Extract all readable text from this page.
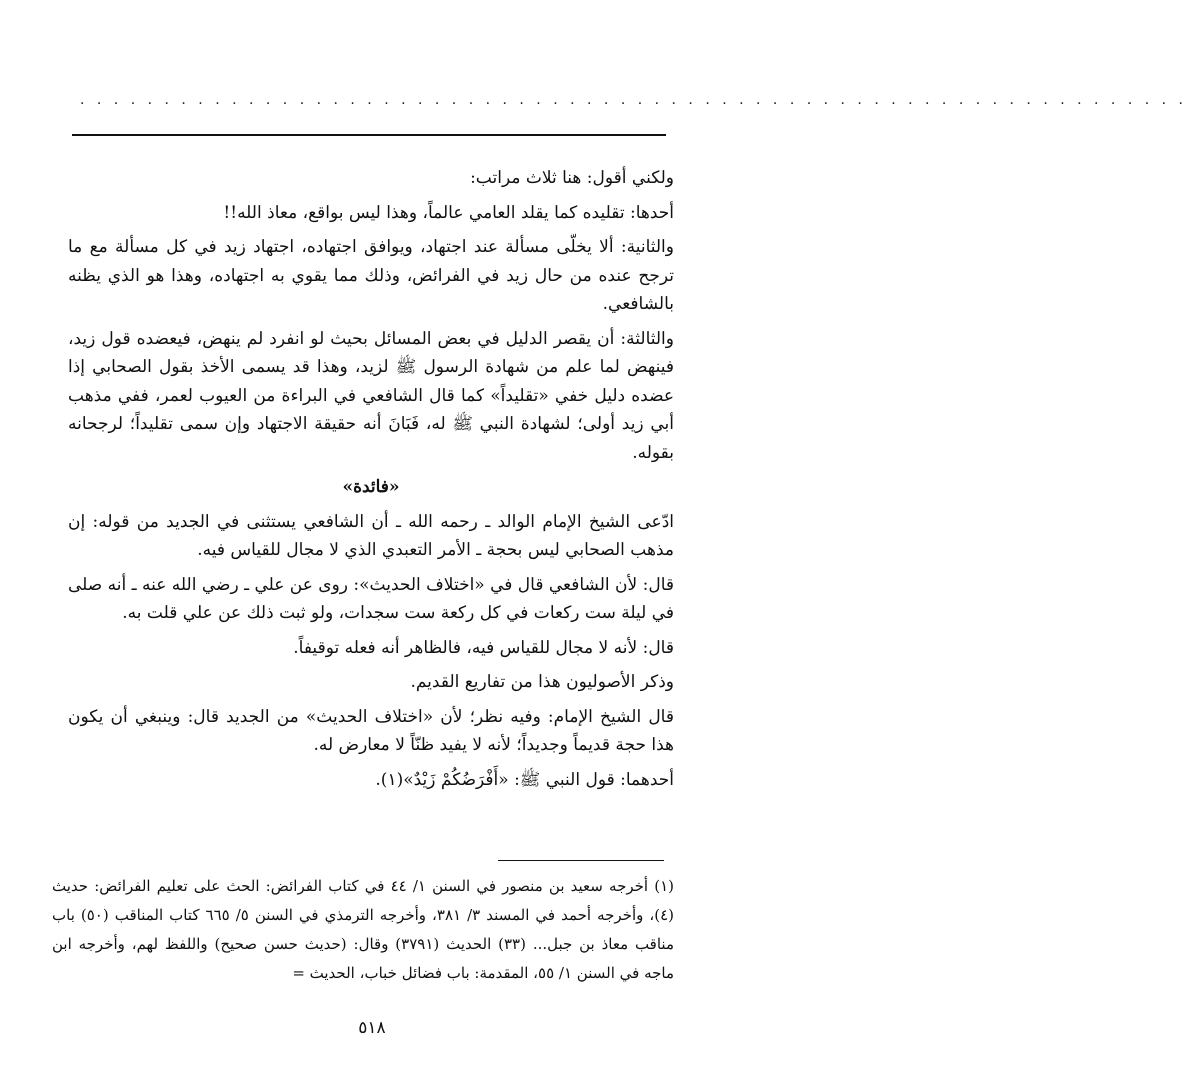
· · · · · · · · · · · · · · · · · · · · · · · · · · · · · · · · · · · · · · · · · · · · · · · · · · · · · · · · · · · · · · · · · ·

ولكني أقول: هنا ثلاث مراتب:

أحدها: تقليده كما يقلد العامي عالماً، وهذا ليس بواقع، معاذ الله!!

والثانية: ألا يخلّى مسألة عند اجتهاد، ويوافق اجتهاده، اجتهاد زيد في كل مسألة مع ما ترجح عنده من حال زيد في الفرائض، وذلك مما يقوي به اجتهاده، وهذا هو الذي يظنه بالشافعي.

والثالثة: أن يقصر الدليل في بعض المسائل بحيث لو انفرد لم ينهض، فيعضده قول زيد، فينهض لما علم من شهادة الرسول ﷺ لزيد، وهذا قد يسمى الأخذ بقول الصحابي إذا عضده دليل خفي «تقليداً» كما قال الشافعي في البراءة من العيوب لعمر، ففي مذهب أبي زيد أولى؛ لشهادة النبي ﷺ له، فَبَانَ أنه حقيقة الاجتهاد وإن سمى تقليداً؛ لرجحانه بقوله.

«فائدة»

ادّعى الشيخ الإمام الوالد ـ رحمه الله ـ أن الشافعي يستثنى في الجديد من قوله: إن مذهب الصحابي ليس بحجة ـ الأمر التعبدي الذي لا مجال للقياس فيه.

قال: لأن الشافعي قال في «اختلاف الحديث»: روى عن علي ـ رضي الله عنه ـ أنه صلى في ليلة ست ركعات في كل ركعة ست سجدات، ولو ثبت ذلك عن علي قلت به.

قال: لأنه لا مجال للقياس فيه، فالظاهر أنه فعله توقيفاً.

وذكر الأصوليون هذا من تفاريع القديم.

قال الشيخ الإمام: وفيه نظر؛ لأن «اختلاف الحديث» من الجديد قال: وينبغي أن يكون هذا حجة قديماً وجديداً؛ لأنه لا يفيد ظنّاً لا معارض له.

أحدهما: قول النبي ﷺ: «أَفْرَضُكُمْ زَيْدٌ»(١).

(١) أخرجه سعيد بن منصور في السنن ١/ ٤٤ في كتاب الفرائض: الحث على تعليم الفرائض: حديث (٤)، وأخرجه أحمد في المسند ٣/ ٣٨١، وأخرجه الترمذي في السنن ٥/ ٦٦٥ كتاب المناقب (٥٠) باب مناقب معاذ بن جبل... (٣٣) الحديث (٣٧٩١) وقال: (حديث حسن صحيح) واللفظ لهم، وأخرجه ابن ماجه في السنن ١/ ٥٥، المقدمة: باب فضائل خباب، الحديث =

٥١٨
